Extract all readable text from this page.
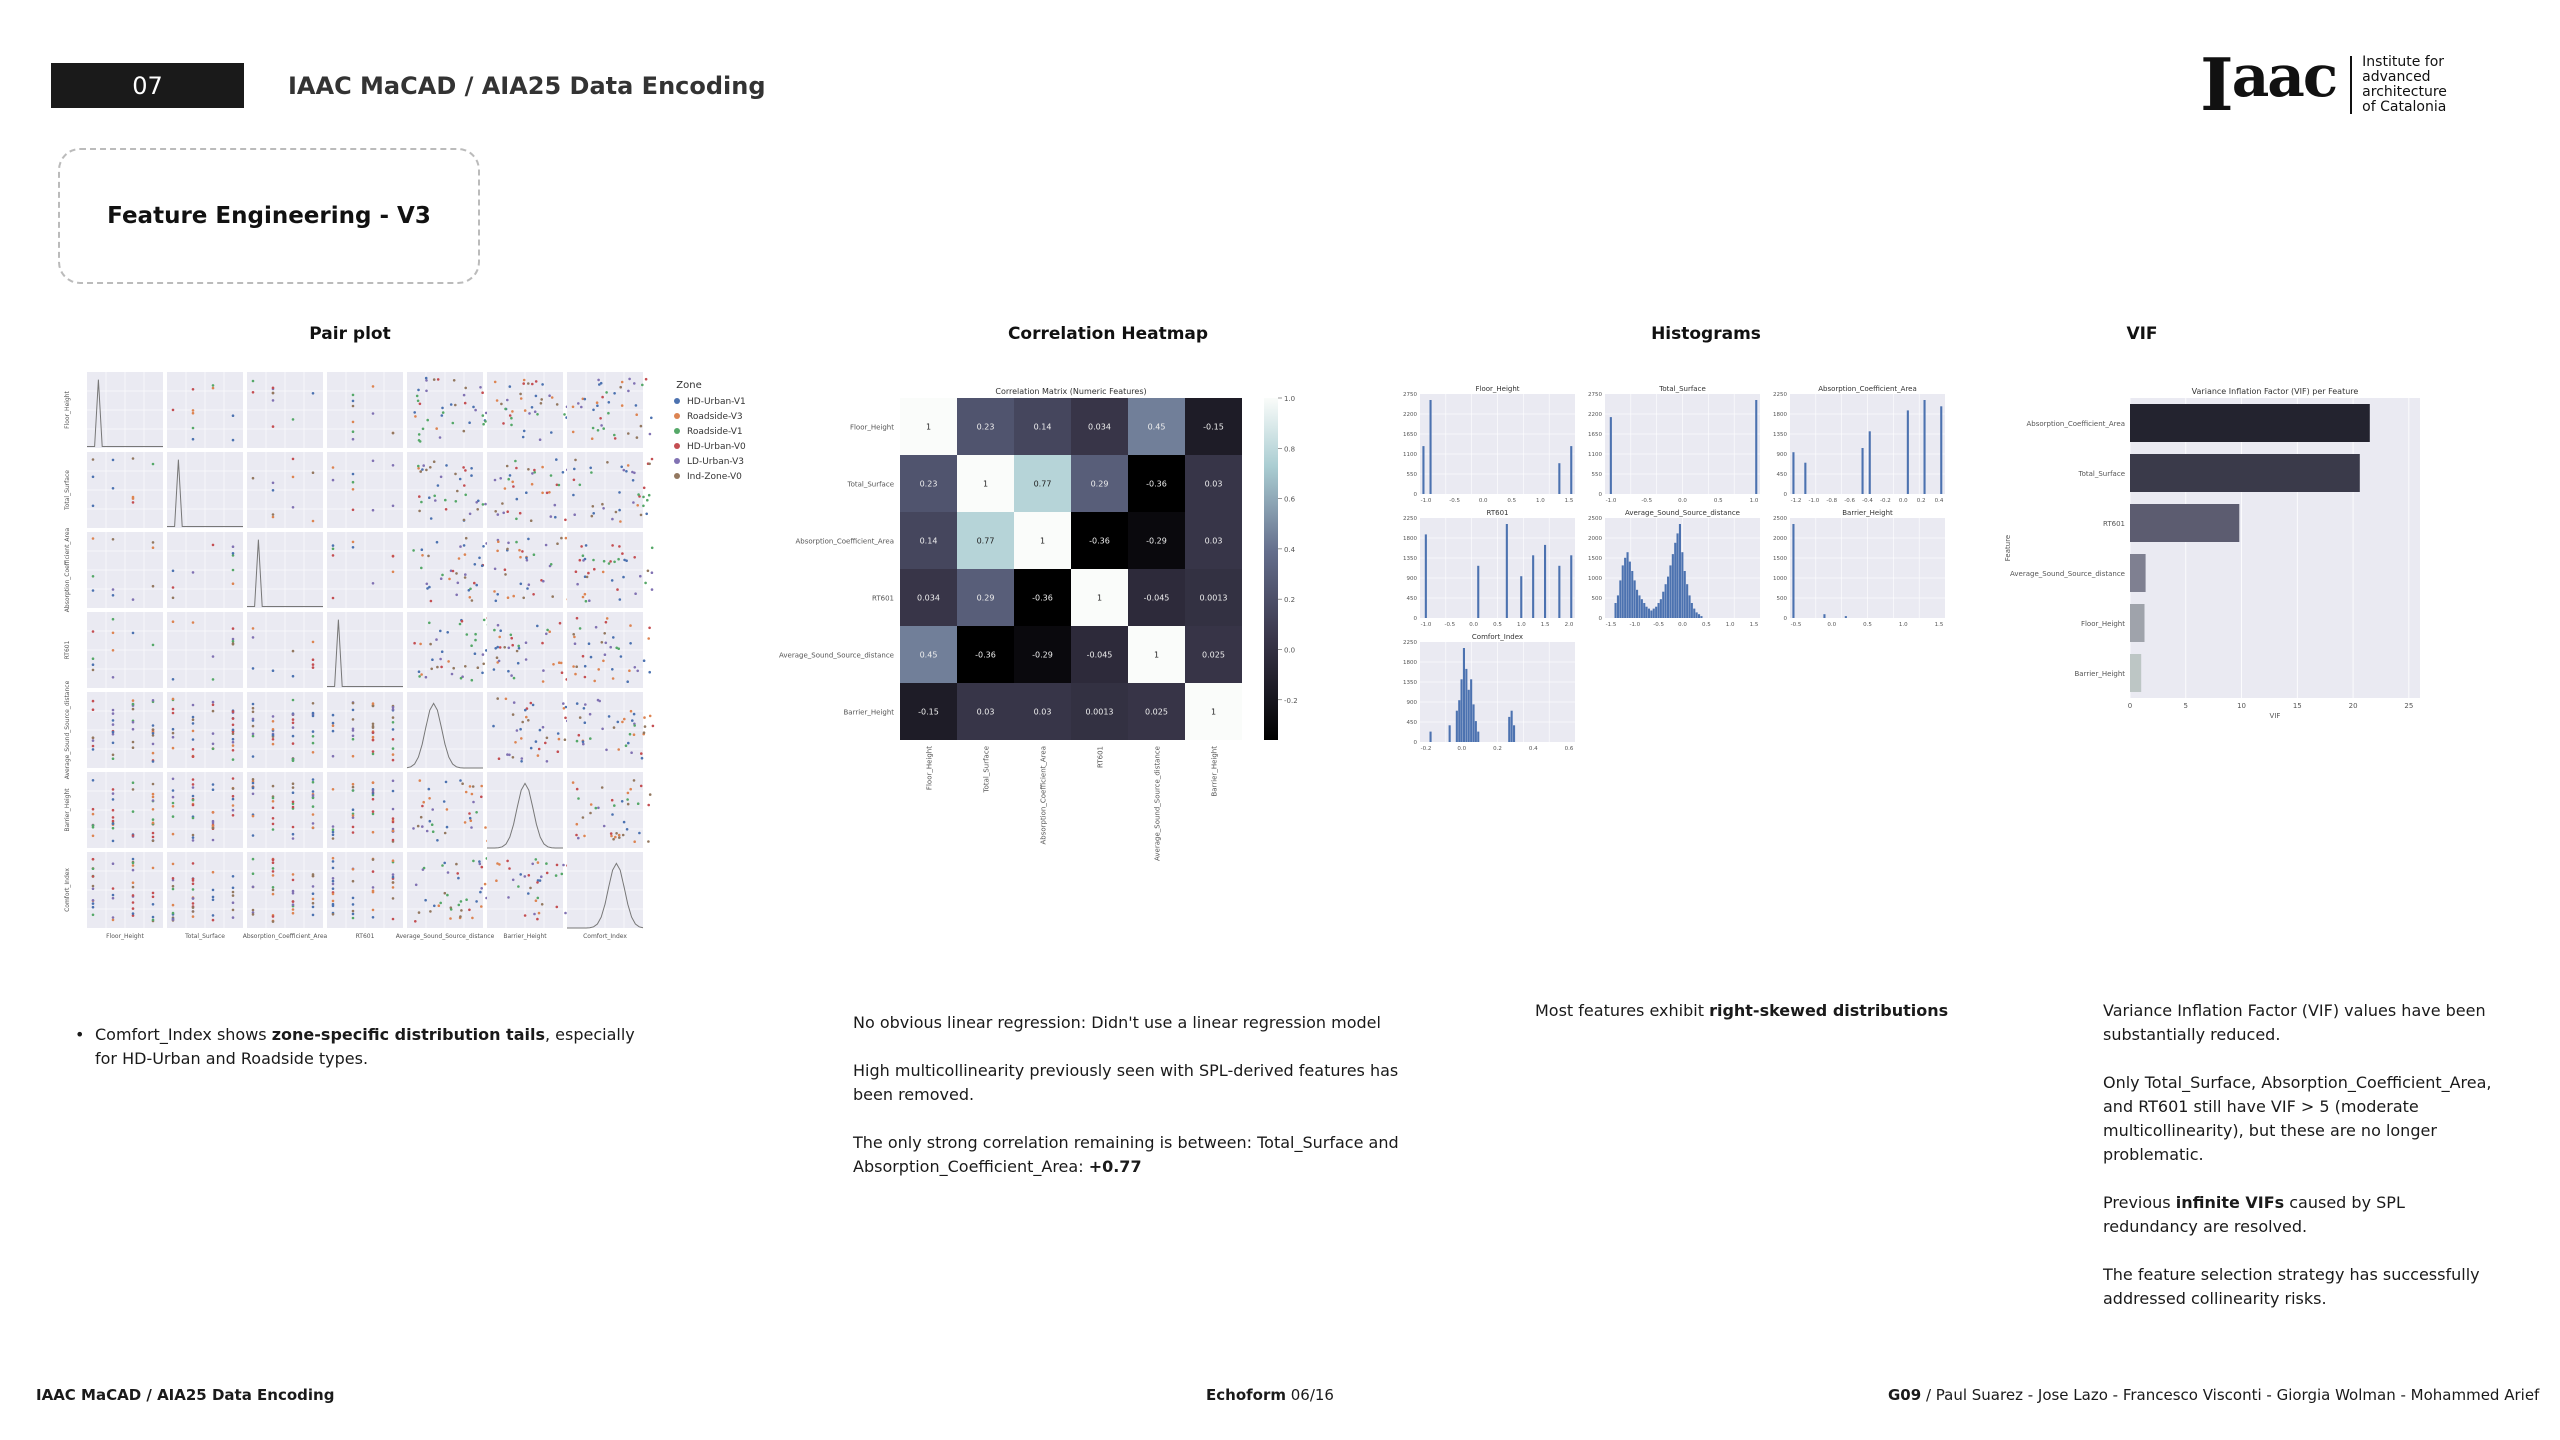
07	IAAC MaCAD / AIA25 Data Encoding	Iaac Institute for
advanced
architecture
of Catalonia
Feature Engineering - V3
Pair plot	Correlation Heatmap	Histograms	VIF
Floor_Height
Total_Surface
Absorption_Coefficient_Area
RT601
Average_Sound_Source_distance
Barrier_Height
Floor_Height	Total_Surface	Absorption_Coefficient_Area	RT601	Average_Sound_Source_distance Barrier_Height	Comfort_Index
Comfort_Index
Zone
HD-Urban-V1
Roadside-V3
Roadside-V1
HD-Urban-V0
LD-Urban-V3
Ind-Zone-V0
Correlation Matrix (Numeric Features)
1	0.23	0.14	0.034	0.45	-0.15
Floor_Height
Floor_Height
0.23	1	0.77	0.29	-0.36	0.03
Total_Surface
Total_Surface
0.14	0.77	1	-0.36	-0.29	0.03
Absorption_Coefficient_Area
Absorption_Coefficient_Area
0.034	0.29	-0.36	1	-0.045	0.0013
RT601
RT601
0.45	-0.36	-0.29	-0.045	1	0.025
Average_Sound_Source_distance
Average_Sound_Source_distance
-0.15	0.03	0.03	0.0013	0.025	1
Barrier_Height
Barrier_Height
1.0
0.8
0.6
0.4
0.2
0.0
-0.2
Floor_Height
-1.0	-0.5	0.0	0.5	1.0	1.5
0
550
1100
1650
2200
2750
Total_Surface
-1.0	-0.5	0.0	0.5	1.0
0
550
1100
1650
2200
2750
Absorption_Coefficient_Area
-1.2 -1.0 -0.8 -0.6 -0.4 -0.2 0.0 0.2 0.4
0
450
900
1350
1800
2250
RT601
-1.0 -0.5	0.0	0.5	1.0	1.5	2.0
0
450
900
1350
1800
2250
Average_Sound_Source_distance
-1.5 -1.0 -0.5	0.0	0.5	1.0	1.5
0
500
1000
1500
2000
2500
Barrier_Height
-0.5	0.0	0.5	1.0	1.5
0
500
1000
1500
2000
2500
Comfort_Index
-0.2	0.0	0.2	0.4	0.6
0
450
900
1350
1800
2250
Variance Inflation Factor (VIF) per Feature
0	5	10	15	20	25
Absorption_Coefficient_Area
Total_Surface
RT601
Average_Sound_Source_distance
Floor_Height
Barrier_Height
VIF
Feature
• Comfort_Index shows zone-specific distribution tails, especially for HD-Urban and Roadside types.

No obvious linear regression: Didn't use a linear regression model

High multicollinearity previously seen with SPL-derived features has been removed.

The only strong correlation remaining is between: Total_Surface and Absorption_Coefficient_Area: +0.77

Most features exhibit right-skewed distributions	Variance Inflation Factor (VIF) values have been substantially reduced.

Only Total_Surface, Absorption_Coefficient_Area, and RT601 still have VIF > 5 (moderate multicollinearity), but these are no longer problematic.

Previous infinite VIFs caused by SPL redundancy are resolved.

The feature selection strategy has successfully addressed collinearity risks.

IAAC MaCAD / AIA25 Data Encoding	Echoform 06/16	G09 / Paul Suarez - Jose Lazo - Francesco Visconti - Giorgia Wolman - Mohammed Arief
